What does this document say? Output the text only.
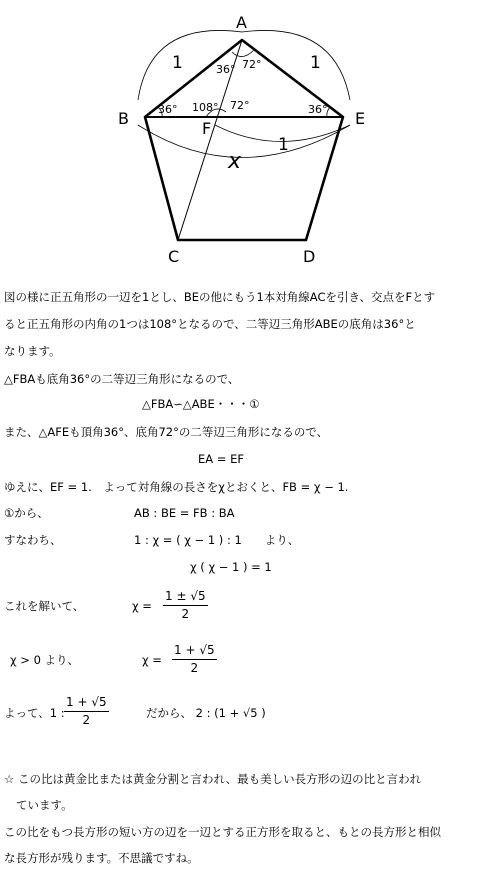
A
B
C	D
E
F
36° 72°
36° 108° 72°	36°
1	1
1
x
図の様に正五角形の一辺を1とし、BEの他にもう1本対角線ACを引き、交点をFとす
ると正五角形の内角の1つは108°となるので、二等辺三角形ABEの底角は36°と
なります。
△FBAも底角36°の二等辺三角形になるので、
△FBA∽△ABE・・・①
また、△AFEも頂角36°、底角72°の二等辺三角形になるので、
EA = EF
ゆえに、EF = 1.　よって対角線の長さをχとおくと、FB = χ − 1.
①から、	AB : BE = FB : BA
すなわち、	1 : χ = ( χ − 1 ) : 1　　より、
χ ( χ − 1 ) = 1
これを解いて、	$\chi = \frac{1 \pm √5}{2}$
χ > 0 より、	$\chi = \frac{1 + √5}{2}$
よって、1 : $\frac{1 + √5}{2}$	だから、 2 : (1 + √5 )
☆ この比は黄金比または黄金分割と言われ、最も美しい長方形の辺の比と言われ
ています。
この比をもつ長方形の短い方の辺を一辺とする正方形を取ると、もとの長方形と相似
な長方形が残ります。不思議ですね。
